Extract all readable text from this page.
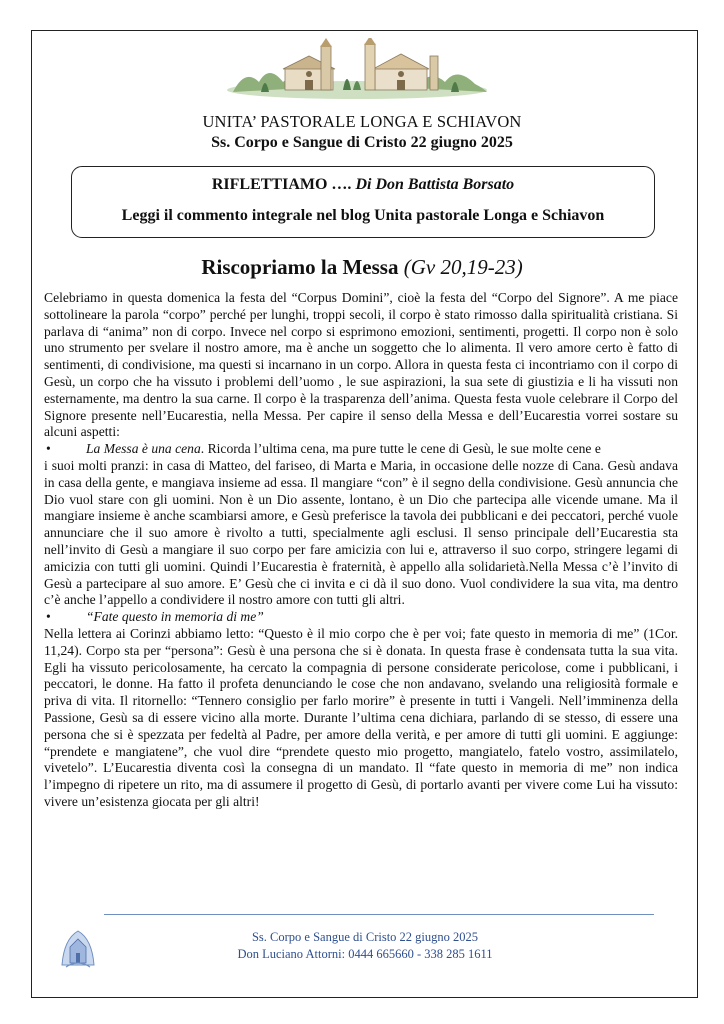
UNITA’ PASTORALE LONGA E SCHIAVON
Ss. Corpo e Sangue di Cristo 22 giugno 2025
RIFLETTIAMO …. Di Don Battista Borsato
Leggi il commento integrale nel blog Unita pastorale Longa e Schiavon
Riscopriamo la Messa (Gv 20,19-23)

Celebriamo in questa domenica la festa del “Corpus Domini”, cioè la festa del “Corpo del Signore”. A me piace sottolineare la parola “corpo” perché per lunghi, troppi secoli, il corpo è stato rimosso dalla spiritualità cristiana. Si parlava di “anima” non di corpo. Invece nel corpo si esprimono emozioni, sentimenti, progetti. Il corpo non è solo uno strumento per svelare il nostro amore, ma è anche un soggetto che lo alimenta. Il vero amore certo è fatto di sentimenti, di condivisione, ma questi si incarnano in un corpo. Allora in questa festa ci incontriamo con il corpo di Gesù, un corpo che ha vissuto i problemi dell’uomo , le sue aspirazioni, la sua sete di giustizia e li ha vissuti non esternamente, ma dentro la sua carne. Il corpo è la trasparenza dell’anima. Questa festa vuole celebrare il Corpo del Signore presente nell’Eucarestia, nella Messa. Per capire il senso della Messa e dell’Eucarestia vorrei sostare su alcuni aspetti:

•	La Messa è una cena. Ricorda l’ultima cena, ma pure tutte le cene di Gesù, le sue molte cene e

i suoi molti pranzi: in casa di Matteo, del fariseo, di Marta e Maria, in occasione delle nozze di Cana. Gesù andava in casa della gente, e mangiava insieme ad essa. Il mangiare “con” è il segno della condivisione. Gesù annuncia che Dio vuol stare con gli uomini. Non è un Dio assente, lontano, è un Dio che partecipa alle vicende umane. Ma il mangiare insieme è anche scambiarsi amore, e Gesù preferisce la tavola dei pubblicani e dei peccatori, perché vuole annunciare che il suo amore è rivolto a tutti, specialmente agli esclusi. Il senso principale dell’Eucarestia sta nell’invito di Gesù a mangiare il suo corpo per fare amicizia con lui e, attraverso il suo corpo, stringere legami di amicizia con tutti gli uomini. Quindi l’Eucarestia è fraternità, è appello alla solidarietà.Nella Messa c’è l’invito di Gesù a partecipare al suo amore. E’ Gesù che ci invita e ci dà il suo dono. Vuol condividere la sua vita, ma dentro c’è anche l’appello a condividere il nostro amore con tutti gli altri.

•	“Fate questo in memoria di me”

Nella lettera ai Corinzi abbiamo letto: “Questo è il mio corpo che è per voi; fate questo in memoria di me” (1Cor. 11,24). Corpo sta per “persona”: Gesù è una persona che si è donata. In questa frase è condensata tutta la sua vita. Egli ha vissuto pericolosamente, ha cercato la compagnia di persone considerate pericolose, come i pubblicani, i peccatori, le donne. Ha fatto il profeta denunciando le cose che non andavano, svelando una religiosità formale e priva di vita. Il ritornello: “Tennero consiglio per farlo morire” è presente in tutti i Vangeli. Nell’imminenza della Passione, Gesù sa di essere vicino alla morte. Durante l’ultima cena dichiara, parlando di se stesso, di essere una persona che si è spezzata per fedeltà al Padre, per amore della verità, e per amore di tutti gli uomini. E aggiunge: “prendete e mangiatene”, che vuol dire “prendete questo mio progetto, mangiatelo, fatelo vostro, assimilatelo, vivetelo”. L’Eucarestia diventa così la consegna di un mandato. Il “fate questo in memoria di me” non indica l’impegno di ripetere un rito, ma di assumere il progetto di Gesù, di portarlo avanti per vivere come Lui ha vissuto: vivere un’esistenza giocata per gli altri!

Ss. Corpo e Sangue di Cristo 22 giugno 2025
Don Luciano Attorni: 0444 665660 - 338 285 1611
